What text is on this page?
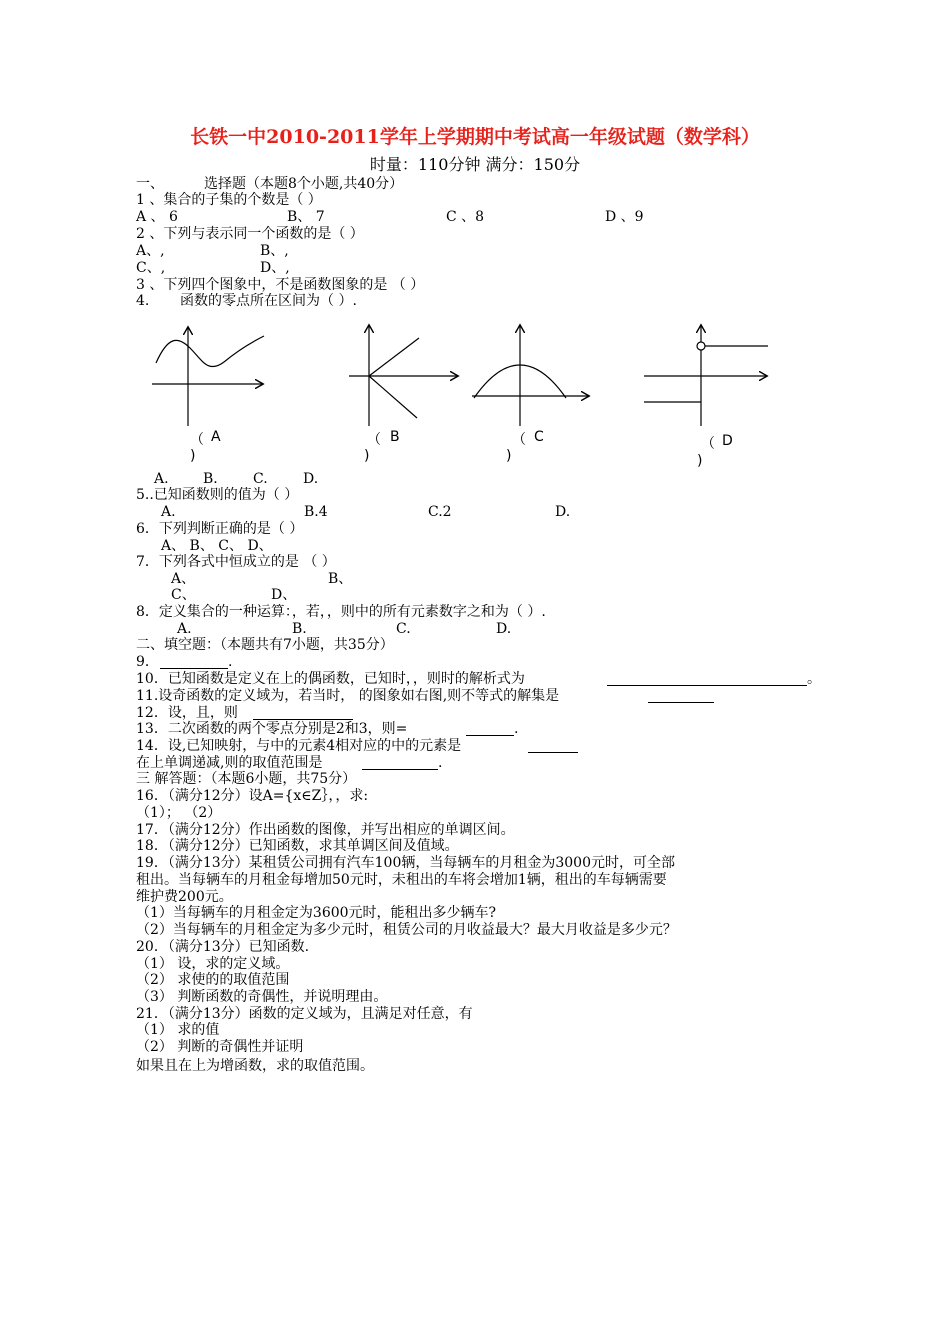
长铁一中2010-2011学年上学期期中考试高一年级试题（数学科）
时量：110分钟 满分：150分
一、	选择题（本题8个小题,共40分）
1 、集合的子集的个数是（ ）
A 、 6	B、 7	C 、8	D 、9
2 、下列与表示同一个函数的是（ ）
A、,	B、,
C、,	D、,
3 、下列四个图象中，不是函数图象的是 （ ）
4. 函数的零点所在区间为（ ）.
（ A
)
（ B
)
（ C
)
（ D
)
A. B.	C.	D.
5..已知函数则的值为（ ）
A.	B.4	C.2	D.
6．下列判断正确的是（ ）
A、 B、 C、 D、
7．下列各式中恒成立的是 （ ）
A、	B、
C、	D、
8．定义集合的一种运算：，若，，则中的所有元素数字之和为（ ）.
A.	B.	C.	D.
二、填空题：（本题共有7小题，共35分）
9．	.
10．已知函数是定义在上的偶函数，已知时，，则时的解析式为	。
11.设奇函数的定义域为，若当时， 的图象如右图,则不等式的解集是
12．设，且，则
13．二次函数的两个零点分别是2和3，则=	.
14．设,已知映射，与中的元素4相对应的中的元素是
在上单调递减,则的取值范围是	.
三 解答题：（本题6小题，共75分）
16．（满分12分）设A={x∈Z｝，，求:
（1）； （2）
17．（满分12分）作出函数的图像，并写出相应的单调区间。
18．（满分12分）已知函数，求其单调区间及值域。
19．（满分13分）某租赁公司拥有汽车100辆，当每辆车的月租金为3000元时，可全部
租出。当每辆车的月租金每增加50元时，未租出的车将会增加1辆，租出的车每辆需要
维护费200元。
（1）当每辆车的月租金定为3600元时，能租出多少辆车?
（2）当每辆车的月租金定为多少元时，租赁公司的月收益最大？最大月收益是多少元？
20．（满分13分）已知函数.
（1） 设，求的定义域。
（2） 求使的的取值范围
（3） 判断函数的奇偶性，并说明理由。
21．（满分13分）函数的定义域为，且满足对任意，有
（1） 求的值
（2） 判断的奇偶性并证明
如果且在上为增函数，求的取值范围。
